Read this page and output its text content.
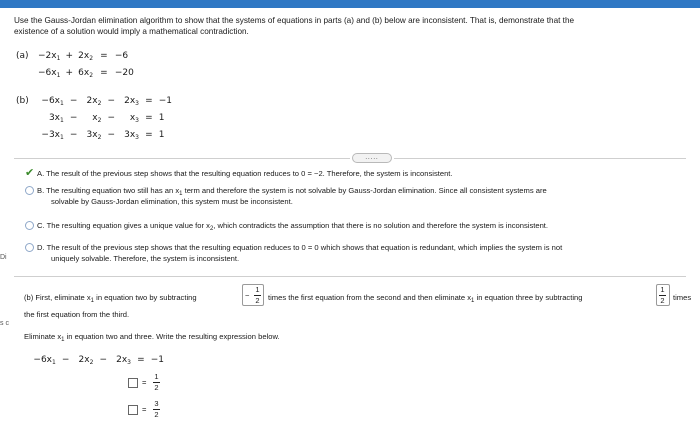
Di
s c
Use the Gauss-Jordan elimination algorithm to show that the systems of equations in parts (a) and (b) below are inconsistent. That is, demonstrate that the
existence of a solution would imply a mathematical contradiction.
$(a) -2x_1 + 2x_2 = -6$
$-6x_1 + 6x_2 = -20$
(b)	$-6x_1 - 2x_2 - 2x_3 = -1$
$3x_1 - x_2 - x_3 = 1$
$-3x_1 - 3x_2 - 3x_3 = 1$
.....
✔ A. The result of the previous step shows that the resulting equation reduces to 0 = −2. Therefore, the system is inconsistent.
B. The resulting equation two still has an $x_1$ term and therefore the system is not solvable by Gauss-Jordan elimination. Since all consistent systems are
solvable by Gauss-Jordan elimination, this system must be inconsistent.
C. The resulting equation gives a unique value for $x_2$, which contradicts the assumption that there is no solution and therefore the system is inconsistent.
D. The result of the previous step shows that the resulting equation reduces to 0 = 0 which shows that equation is redundant, which implies the system is not
uniquely solvable. Therefore, the system is inconsistent.
(b) First, eliminate $x_1$ in equation two by subtracting	−
1
2 times the first equation from the second and then eliminate $x_1$ in equation three by subtracting
1
2 times
the first equation from the third.
Eliminate $x_1$ in equation two and three. Write the resulting expression below.
$-6x_1 - 2x_2 - 2x_3 = -1$
=
1
2
=
3
2
